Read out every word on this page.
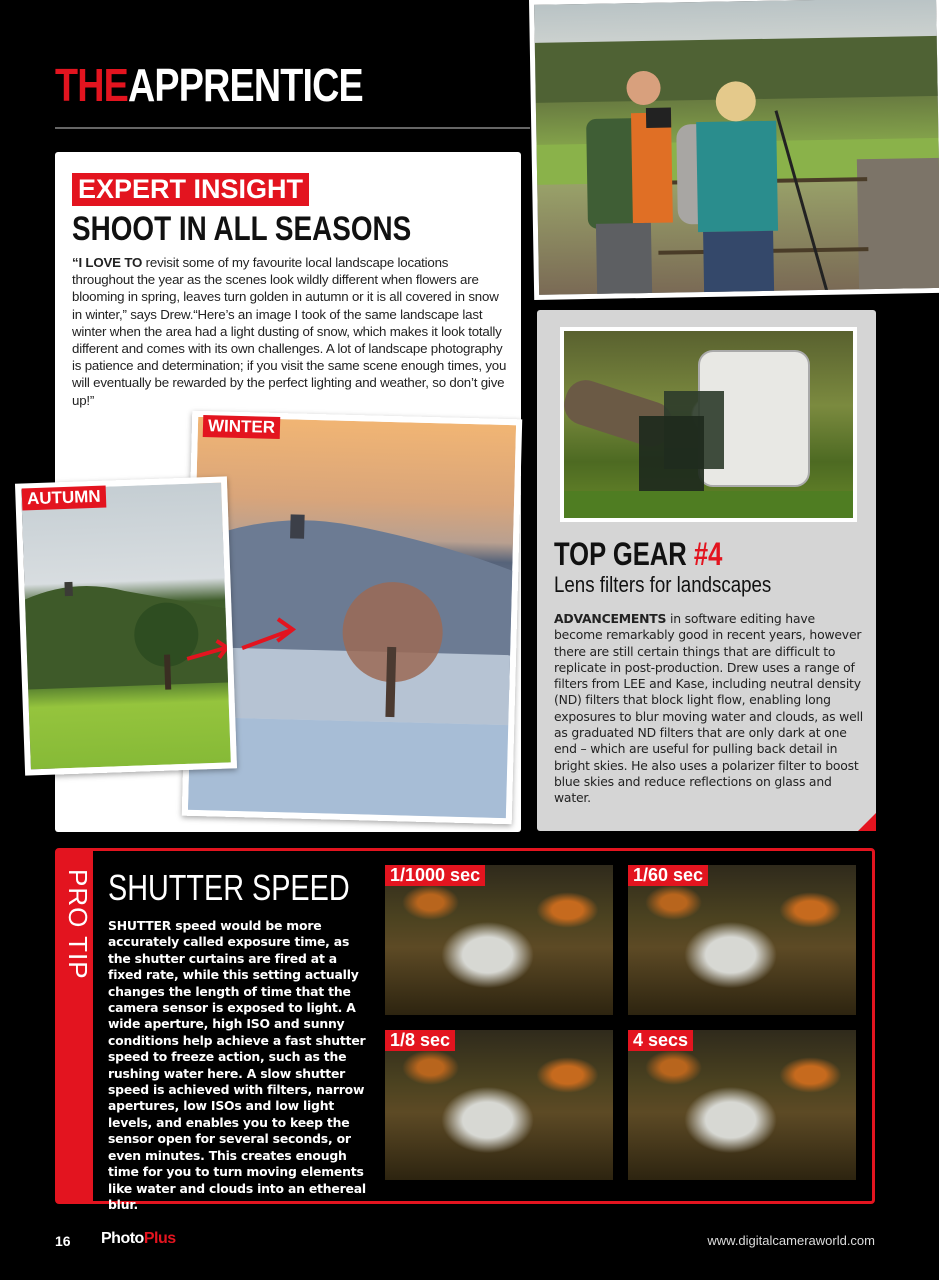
THEAPPRENTICE
EXPERT INSIGHT
SHOOT IN ALL SEASONS
“I LOVE TO revisit some of my favourite local landscape locations throughout the year as the scenes look wildly different when flowers are blooming in spring, leaves turn golden in autumn or it is all covered in snow in winter,” says Drew.“Here’s an image I took of the same landscape last winter when the area had a light dusting of snow, which makes it look totally different and comes with its own challenges. A lot of landscape photography is patience and determination; if you visit the same scene enough times, you will eventually be rewarded by the perfect lighting and weather, so don’t give up!”
WINTER
AUTUMN
TOP GEAR #4
Lens filters for landscapes
ADVANCEMENTS in software editing have become remarkably good in recent years, however there are still certain things that are difficult to replicate in post-production. Drew uses a range of filters from LEE and Kase, including neutral density (ND) filters that block light flow, enabling long exposures to blur moving water and clouds, as well as graduated ND filters that are only dark at one end – which are useful for pulling back detail in bright skies. He also uses a polarizer filter to boost blue skies and reduce reflections on glass and water.
PRO TIP SHUTTER SPEED
SHUTTER speed would be more accurately called exposure time, as the shutter curtains are fired at a fixed rate, while this setting actually changes the length of time that the camera sensor is exposed to light. A wide aperture, high ISO and sunny conditions help achieve a fast shutter speed to freeze action, such as the rushing water here. A slow shutter speed is achieved with filters, narrow apertures, low ISOs and low light levels, and enables you to keep the sensor open for several seconds, or even minutes. This creates enough time for you to turn moving elements like water and clouds into an ethereal blur.
1/1000 sec	1/60 sec
1/8 sec	4 secs
16 PhotoPlus	www.digitalcameraworld.com
